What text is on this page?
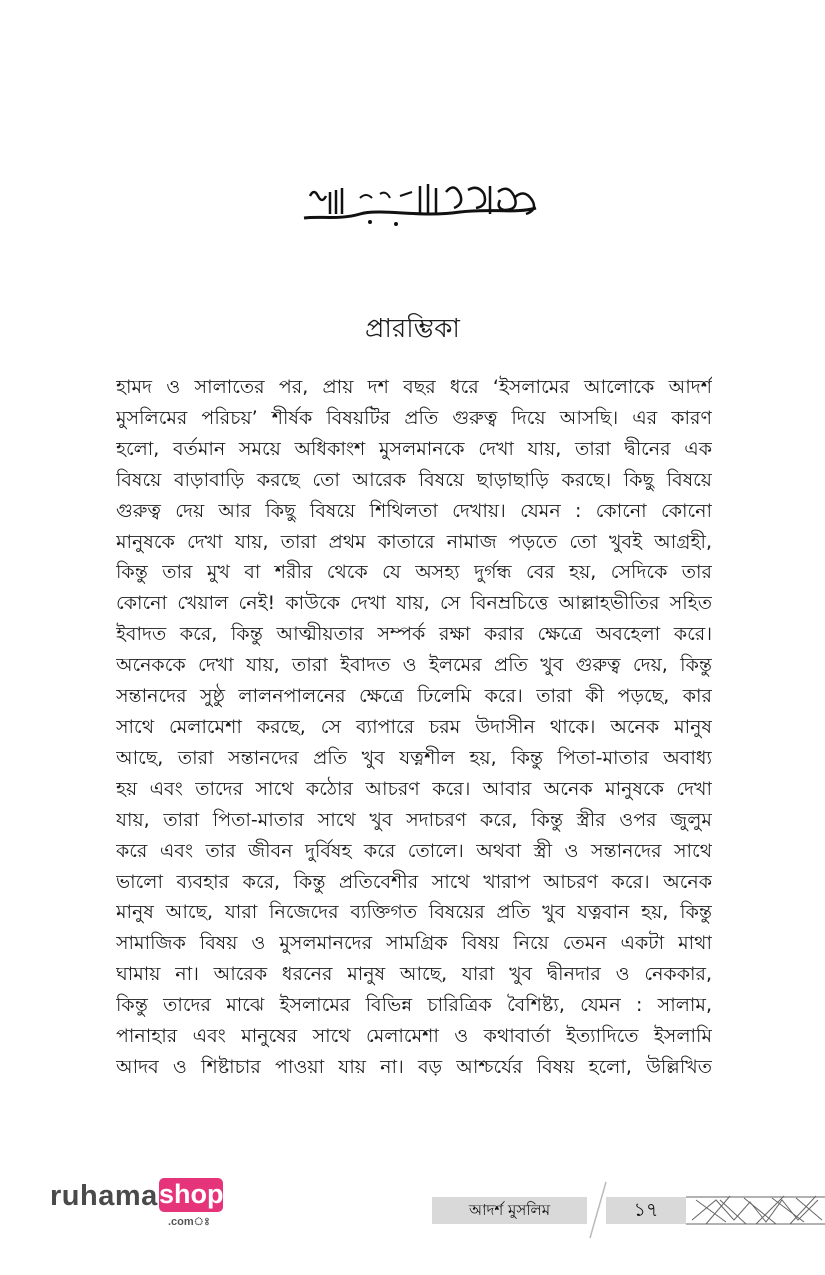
প্রারম্ভিকা
হামদ ও সালাতের পর, প্রায় দশ বছর ধরে ‘ইসলামের আলোকে আদর্শ
মুসলিমের পরিচয়’ শীর্ষক বিষয়টির প্রতি গুরুত্ব দিয়ে আসছি। এর কারণ
হলো, বর্তমান সময়ে অধিকাংশ মুসলমানকে দেখা যায়, তারা দ্বীনের এক
বিষয়ে বাড়াবাড়ি করছে তো আরেক বিষয়ে ছাড়াছাড়ি করছে। কিছু বিষয়ে
গুরুত্ব দেয় আর কিছু বিষয়ে শিথিলতা দেখায়। যেমন : কোনো কোনো
মানুষকে দেখা যায়, তারা প্রথম কাতারে নামাজ পড়তে তো খুবই আগ্রহী,
কিন্তু তার মুখ বা শরীর থেকে যে অসহ্য দুর্গন্ধ বের হয়, সেদিকে তার
কোনো খেয়াল নেই! কাউকে দেখা যায়, সে বিনম্রচিত্তে আল্লাহভীতির সহিত
ইবাদত করে, কিন্তু আত্মীয়তার সম্পর্ক রক্ষা করার ক্ষেত্রে অবহেলা করে।
অনেককে দেখা যায়, তারা ইবাদত ও ইলমের প্রতি খুব গুরুত্ব দেয়, কিন্তু
সন্তানদের সুষ্ঠু লালনপালনের ক্ষেত্রে ঢিলেমি করে। তারা কী পড়ছে, কার
সাথে মেলামেশা করছে, সে ব্যাপারে চরম উদাসীন থাকে। অনেক মানুষ
আছে, তারা সন্তানদের প্রতি খুব যত্নশীল হয়, কিন্তু পিতা-মাতার অবাধ্য
হয় এবং তাদের সাথে কঠোর আচরণ করে। আবার অনেক মানুষকে দেখা
যায়, তারা পিতা-মাতার সাথে খুব সদাচরণ করে, কিন্তু স্ত্রীর ওপর জুলুম
করে এবং তার জীবন দুর্বিষহ করে তোলে। অথবা স্ত্রী ও সন্তানদের সাথে
ভালো ব্যবহার করে, কিন্তু প্রতিবেশীর সাথে খারাপ আচরণ করে। অনেক
মানুষ আছে, যারা নিজেদের ব্যক্তিগত বিষয়ের প্রতি খুব যত্নবান হয়, কিন্তু
সামাজিক বিষয় ও মুসলমানদের সামগ্রিক বিষয় নিয়ে তেমন একটা মাথা
ঘামায় না। আরেক ধরনের মানুষ আছে, যারা খুব দ্বীনদার ও নেককার,
কিন্তু তাদের মাঝে ইসলামের বিভিন্ন চারিত্রিক বৈশিষ্ট্য, যেমন : সালাম,
পানাহার এবং মানুষের সাথে মেলামেশা ও কথাবার্তা ইত্যাদিতে ইসলামি
আদব ও শিষ্টাচার পাওয়া যায় না। বড় আশ্চর্যের বিষয় হলো, উল্লিখিত
ruhama shop
.comঃ
আদর্শ মুসলিম	১৭
